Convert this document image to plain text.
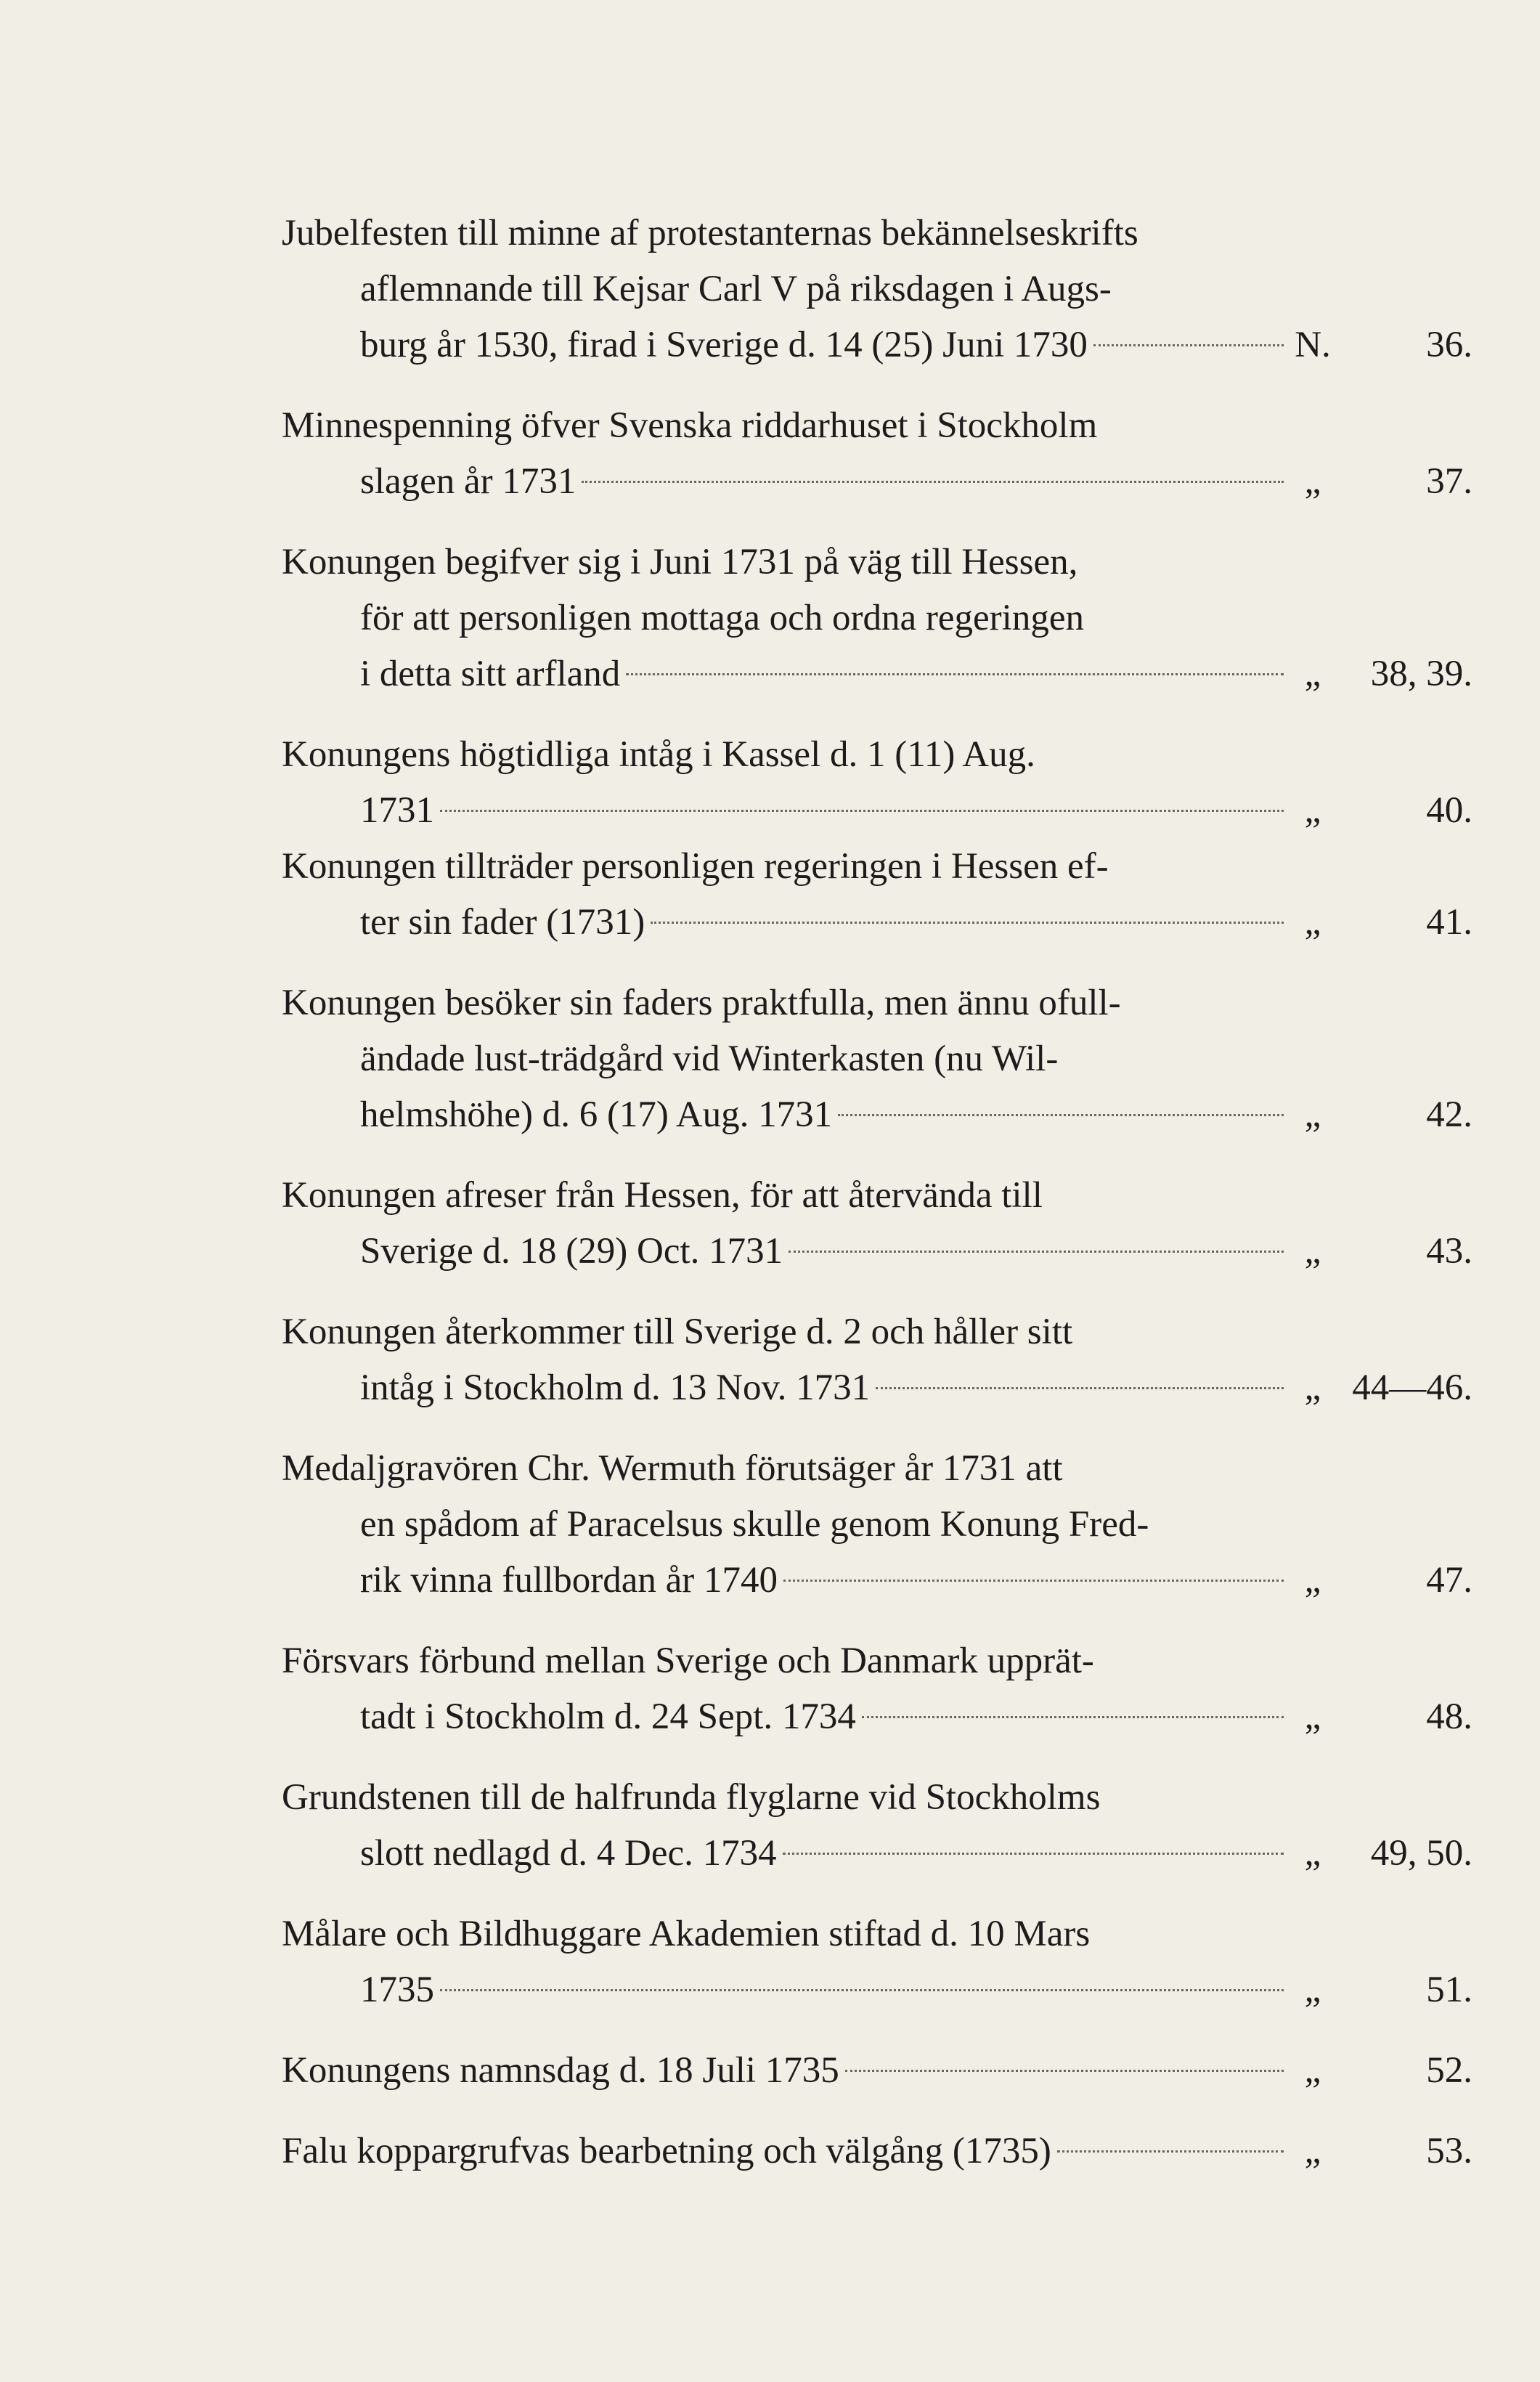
Jubelfesten till minne af protestanternas bekännelseskrifts
aflemnande till Kejsar Carl V på riksdagen i Augs-
burg år 1530, firad i Sverige d. 14 (25) Juni 1730	N.	36.
Minnespenning öfver Svenska riddarhuset i Stockholm
slagen år 1731	„	37.
Konungen begifver sig i Juni 1731 på väg till Hessen,
för att personligen mottaga och ordna regeringen
i detta sitt arfland	„	38, 39.
Konungens högtidliga intåg i Kassel d. 1 (11) Aug.
1731	„	40.
Konungen tillträder personligen regeringen i Hessen ef-
ter sin fader (1731)	„	41.
Konungen besöker sin faders praktfulla, men ännu ofull-
ändade lust-trädgård vid Winterkasten (nu Wil-
helmshöhe) d. 6 (17) Aug. 1731	„	42.
Konungen afreser från Hessen, för att återvända till
Sverige d. 18 (29) Oct. 1731	„	43.
Konungen återkommer till Sverige d. 2 och håller sitt
intåg i Stockholm d. 13 Nov. 1731	„ 44—46.
Medaljgravören Chr. Wermuth förutsäger år 1731 att
en spådom af Paracelsus skulle genom Konung Fred-
rik vinna fullbordan år 1740	„	47.
Försvars förbund mellan Sverige och Danmark upprät-
tadt i Stockholm d. 24 Sept. 1734	„	48.
Grundstenen till de halfrunda flyglarne vid Stockholms
slott nedlagd d. 4 Dec. 1734	„	49, 50.
Målare och Bildhuggare Akademien stiftad d. 10 Mars
1735	„	51.
Konungens namnsdag d. 18 Juli 1735	„	52.
Falu koppargrufvas bearbetning och välgång (1735)	„	53.
